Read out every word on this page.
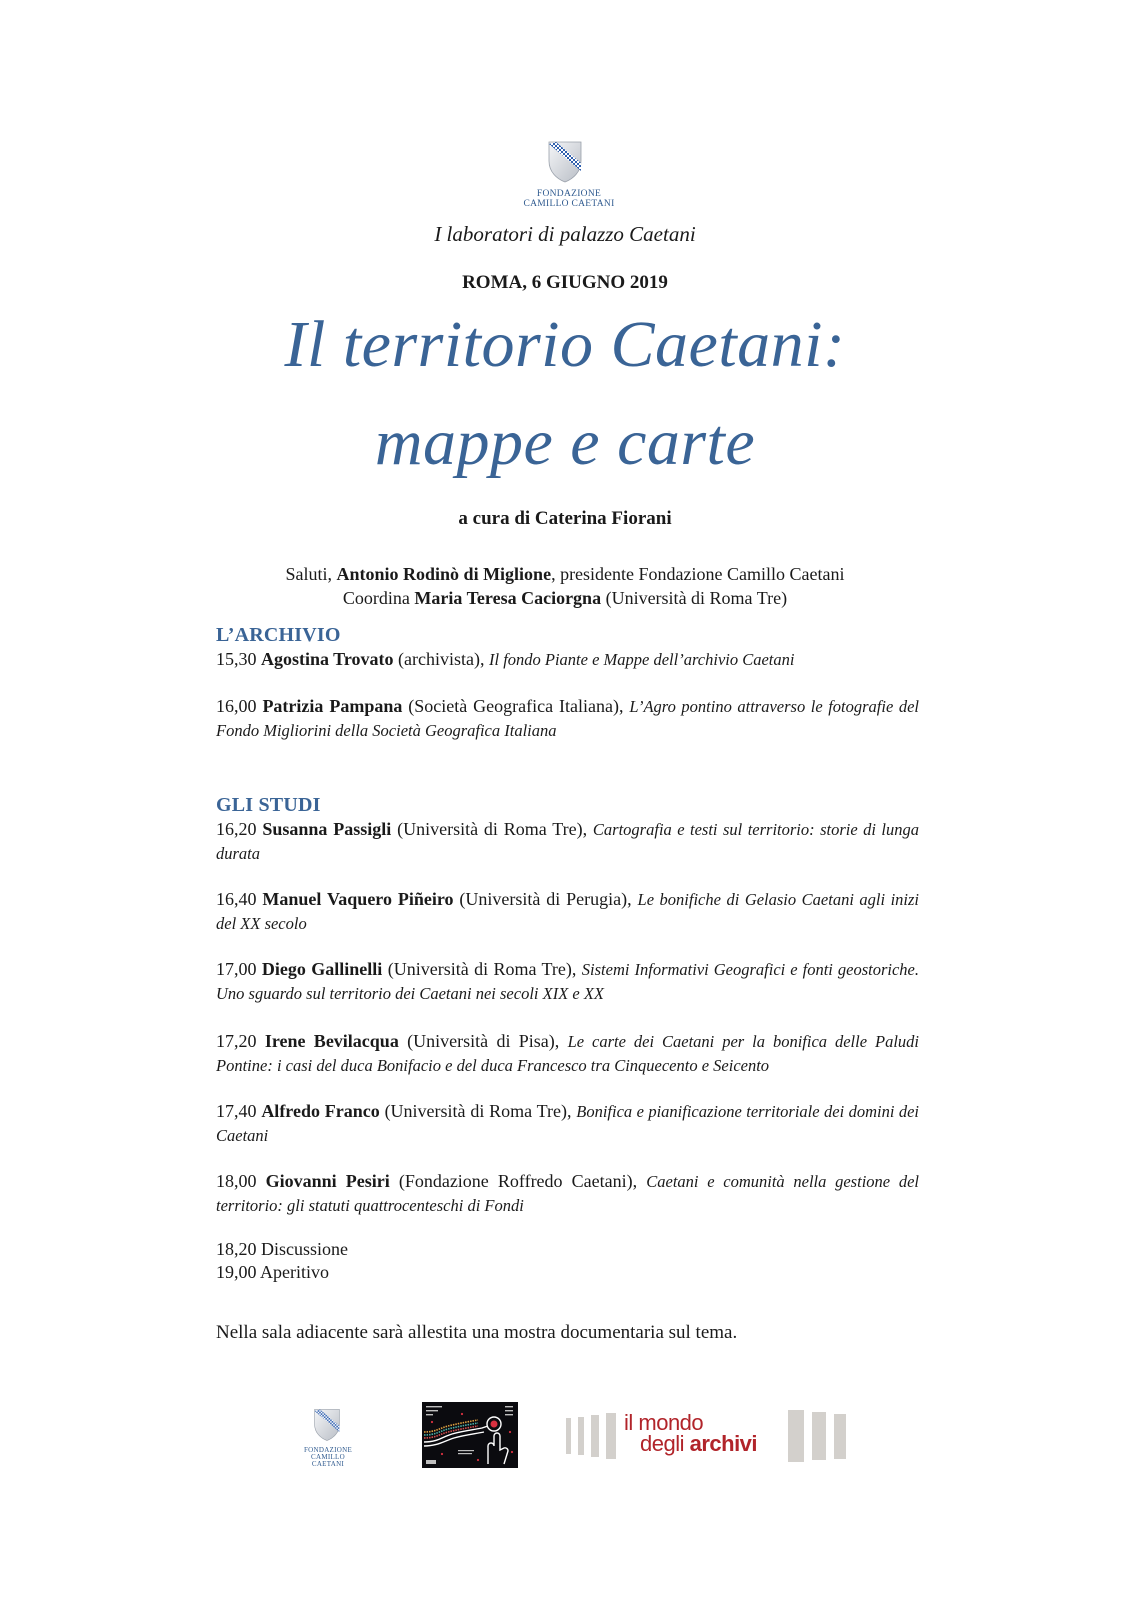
FONDAZIONE
CAMILLO CAETANI
I laboratori di palazzo Caetani
ROMA, 6 GIUGNO 2019
Il territorio Caetani:
mappe e carte
a cura di Caterina Fiorani
Saluti, Antonio Rodinò di Miglione, presidente Fondazione Camillo Caetani
Coordina Maria Teresa Caciorgna (Università di Roma Tre)
L’ARCHIVIO
15,30 Agostina Trovato (archivista), Il fondo Piante e Mappe dell’archivio Caetani
16,00 Patrizia Pampana (Società Geografica Italiana), L’Agro pontino attraverso le fotografie del Fondo Migliorini della Società Geografica Italiana
GLI STUDI
16,20 Susanna Passigli (Università di Roma Tre), Cartografia e testi sul territorio: storie di lunga durata
16,40 Manuel Vaquero Piñeiro (Università di Perugia), Le bonifiche di Gelasio Caetani agli inizi del XX secolo
17,00 Diego Gallinelli (Università di Roma Tre), Sistemi Informativi Geografici e fonti geostoriche. Uno sguardo sul territorio dei Caetani nei secoli XIX e XX
17,20 Irene Bevilacqua (Università di Pisa), Le carte dei Caetani per la bonifica delle Paludi Pontine: i casi del duca Bonifacio e del duca Francesco tra Cinquecento e Seicento
17,40 Alfredo Franco (Università di Roma Tre), Bonifica e pianificazione territoriale dei domini dei Caetani
18,00 Giovanni Pesiri (Fondazione Roffredo Caetani), Caetani e comunità nella gestione del territorio: gli statuti quattrocenteschi di Fondi
18,20 Discussione
19,00 Aperitivo
Nella sala adiacente sarà allestita una mostra documentaria sul tema.
FONDAZIONE
CAMILLO CAETANI
il mondo
degli archivi
